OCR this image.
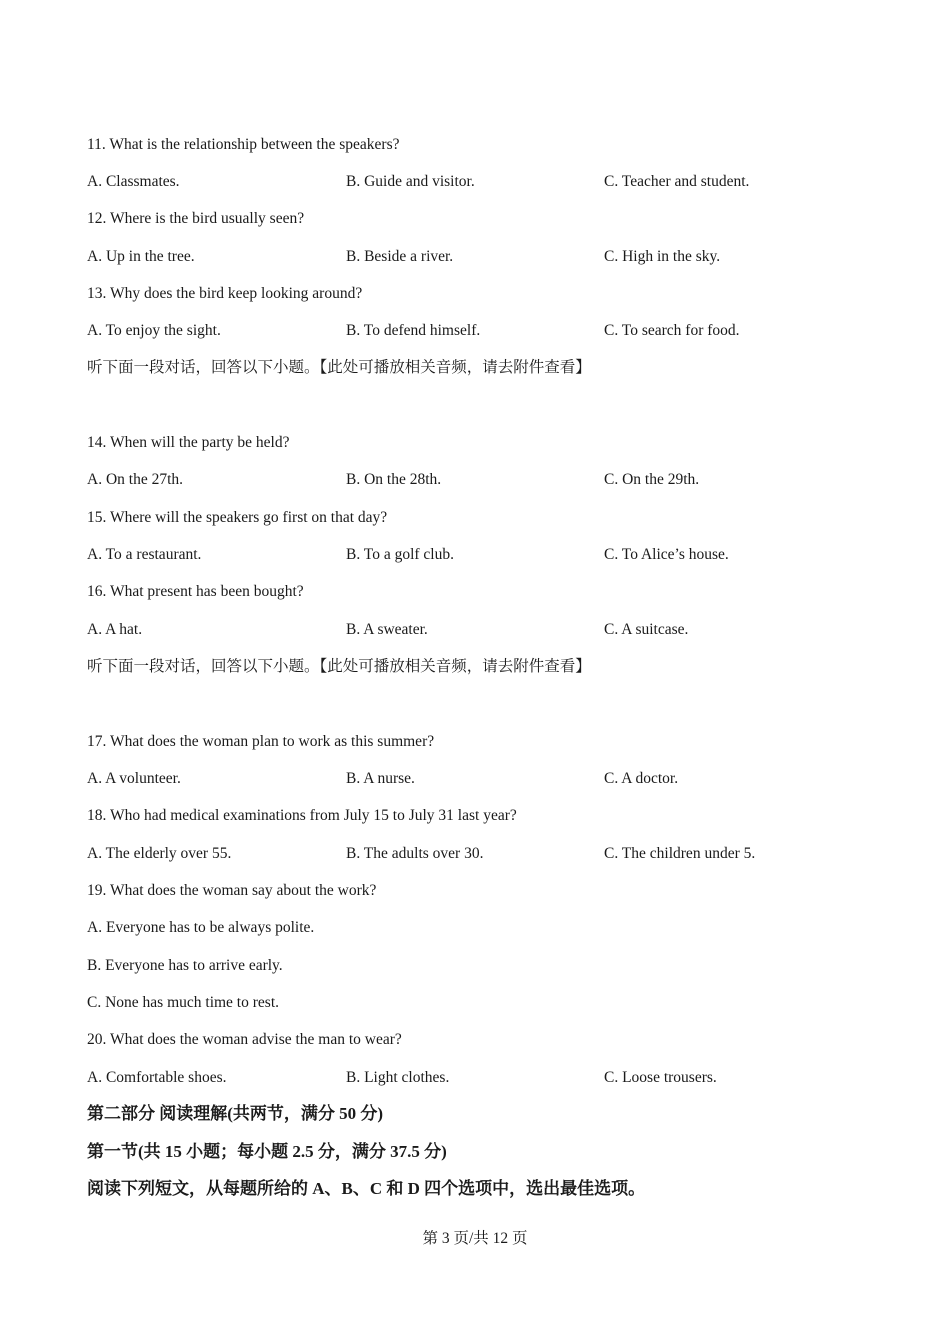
11. What is the relationship between the speakers?
A. Classmates.	B. Guide and visitor.	C. Teacher and student.
12. Where is the bird usually seen?
A. Up in the tree.	B. Beside a river.	C. High in the sky.
13. Why does the bird keep looking around?
A. To enjoy the sight.	B. To defend himself.	C. To search for food.
听下面一段对话，回答以下小题。【此处可播放相关音频，请去附件查看】
14. When will the party be held?
A. On the 27th.	B. On the 28th.	C. On the 29th.
15. Where will the speakers go first on that day?
A. To a restaurant.	B. To a golf club.	C. To Alice’s house.
16. What present has been bought?
A. A hat.	B. A sweater.	C. A suitcase.
听下面一段对话，回答以下小题。【此处可播放相关音频，请去附件查看】
17. What does the woman plan to work as this summer?
A. A volunteer.	B. A nurse.	C. A doctor.
18. Who had medical examinations from July 15 to July 31 last year?
A. The elderly over 55.	B. The adults over 30.	C. The children under 5.
19. What does the woman say about the work?
A. Everyone has to be always polite.
B. Everyone has to arrive early.
C. None has much time to rest.
20. What does the woman advise the man to wear?
A. Comfortable shoes.	B. Light clothes.	C. Loose trousers.
第二部分 阅读理解(共两节，满分 50 分)
第一节(共 15 小题；每小题 2.5 分，满分 37.5 分)
阅读下列短文，从每题所给的 A、B、C 和 D 四个选项中，选出最佳选项。
第 3 页/共 12 页
